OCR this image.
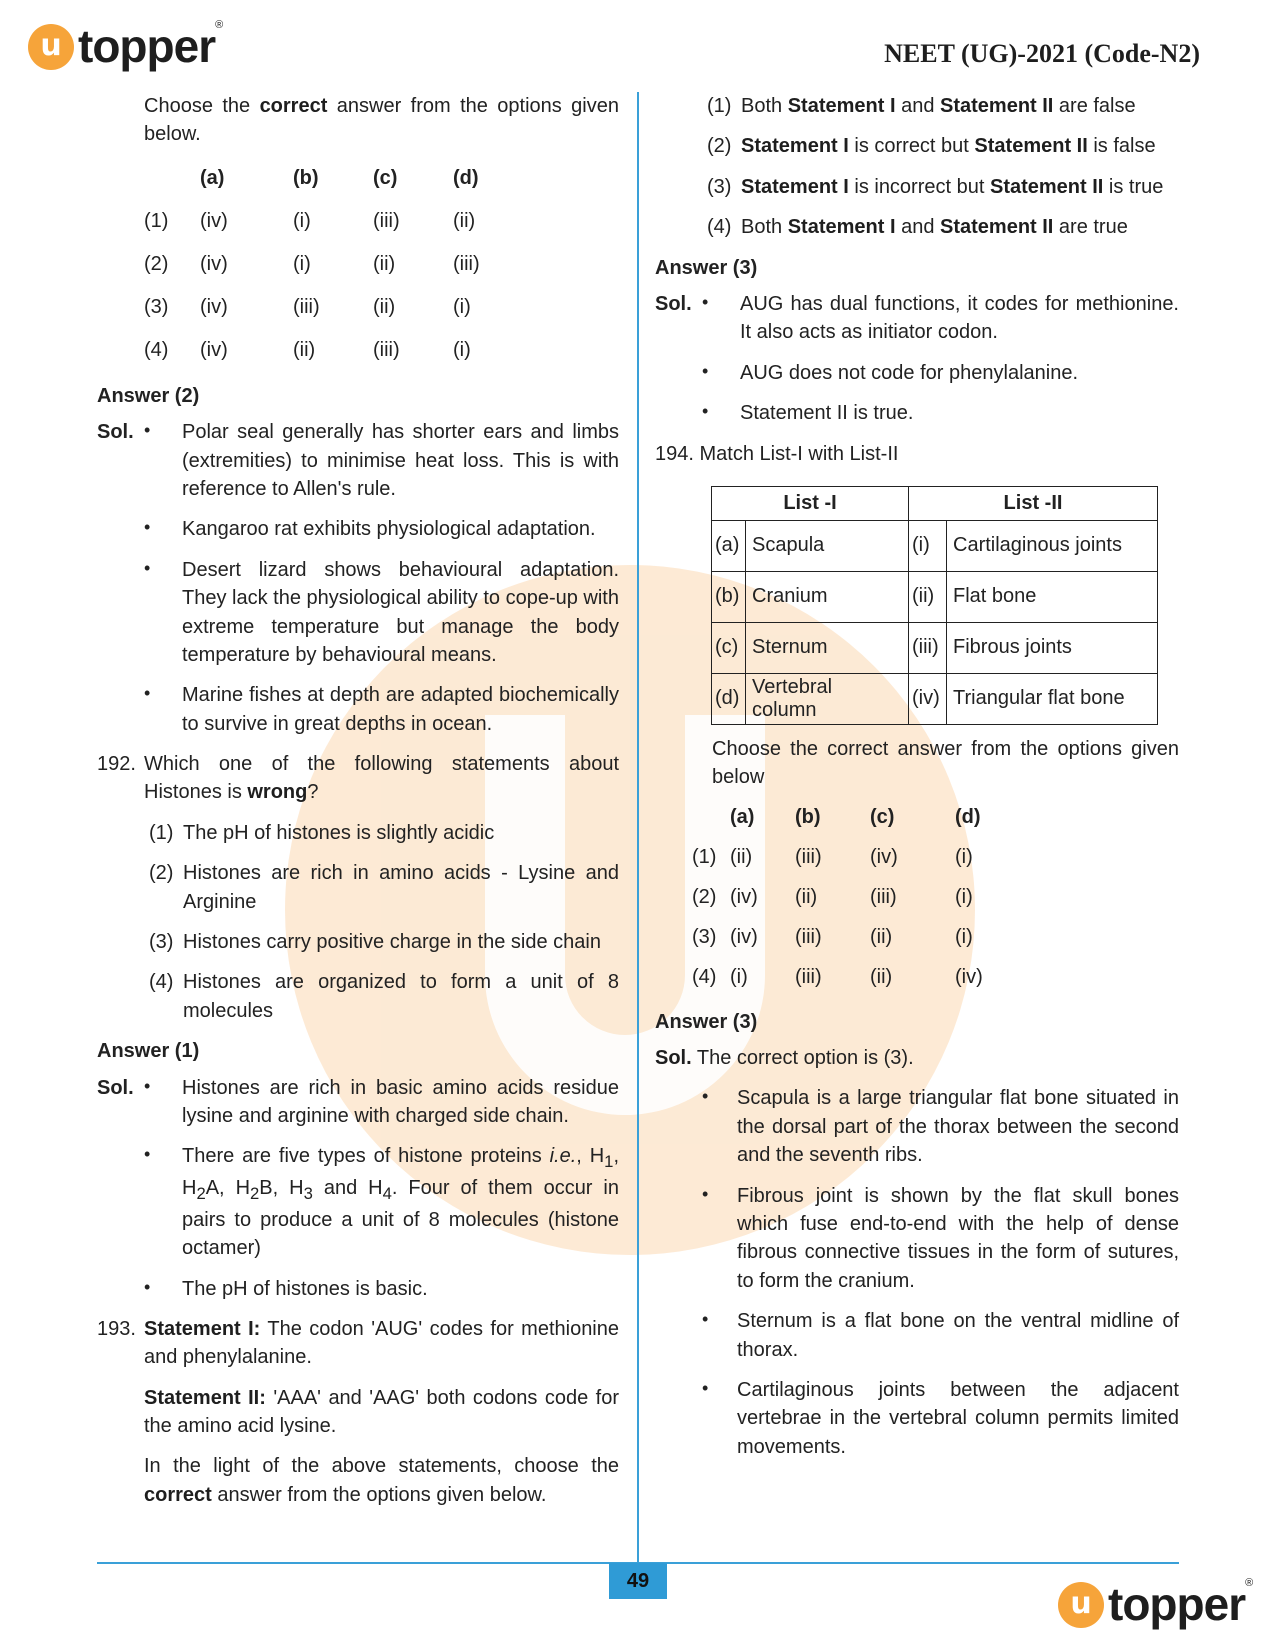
u topper ®
NEET (UG)-2021 (Code-N2)

Choose the correct answer from the options given below.

(a)	(b)	(c)	(d)
(1)	(iv)	(i)	(iii)	(ii)
(2)	(iv)	(i)	(ii)	(iii)
(3)	(iv)	(iii)	(ii)	(i)
(4)	(iv)	(ii)	(iii)	(i)

Answer (2)

Sol. •	Polar seal generally has shorter ears and limbs (extremities) to minimise heat loss. This is with reference to Allen's rule.
•	Kangaroo rat exhibits physiological adaptation.
•	Desert lizard shows behavioural adaptation. They lack the physiological ability to cope-up with extreme temperature but manage the body temperature by behavioural means.
•	Marine fishes at depth are adapted biochemically to survive in great depths in ocean.
192. Which one of the following statements about Histones is wrong?
(1) The pH of histones is slightly acidic
(2) Histones are rich in amino acids - Lysine and Arginine
(3) Histones carry positive charge in the side chain
(4) Histones are organized to form a unit of 8 molecules

Answer (1)

Sol. •	Histones are rich in basic amino acids residue lysine and arginine with charged side chain.
•	There are five types of histone proteins i.e., $H_1$, $H_2A$, $H_2B$, $H_3$ and $H_4$. Four of them occur in pairs to produce a unit of 8 molecules (histone octamer)
•	The pH of histones is basic.
193. Statement I: The codon 'AUG' codes for methionine and phenylalanine.

Statement II: 'AAA' and 'AAG' both codons code for the amino acid lysine.

In the light of the above statements, choose the correct answer from the options given below.

(1) Both Statement I and Statement II are false
(2) Statement I is correct but Statement II is false
(3) Statement I is incorrect but Statement II is true
(4) Both Statement I and Statement II are true

Answer (3)

Sol. •	AUG has dual functions, it codes for methionine. It also acts as initiator codon.
•	AUG does not code for phenylalanine.
•	Statement II is true.
194.
Match List-I with List-II
List -I		List -II	
(a)	Scapula	(i)	Cartilaginous joints
(b)	Cranium	(ii)	Flat bone
(c)	Sternum	(iii)	Fibrous joints
(d)	Vertebral column	(iv)	Triangular flat bone

Choose the correct answer from the options given below

(a)	(b)	(c)	(d)
(1) (ii)	(iii)	(iv)	(i)
(2) (iv)	(ii)	(iii)	(i)
(3) (iv)	(iii)	(ii)	(i)
(4) (i)	(iii)	(ii)	(iv)

Answer (3)

Sol. The correct option is (3).

•	Scapula is a large triangular flat bone situated in the dorsal part of the thorax between the second and the seventh ribs.
•	Fibrous joint is shown by the flat skull bones which fuse end-to-end with the help of dense fibrous connective tissues in the form of sutures, to form the cranium.
•	Sternum is a flat bone on the ventral midline of thorax.
•	Cartilaginous joints between the adjacent vertebrae in the vertebral column permits limited movements.
49
u topper ®
